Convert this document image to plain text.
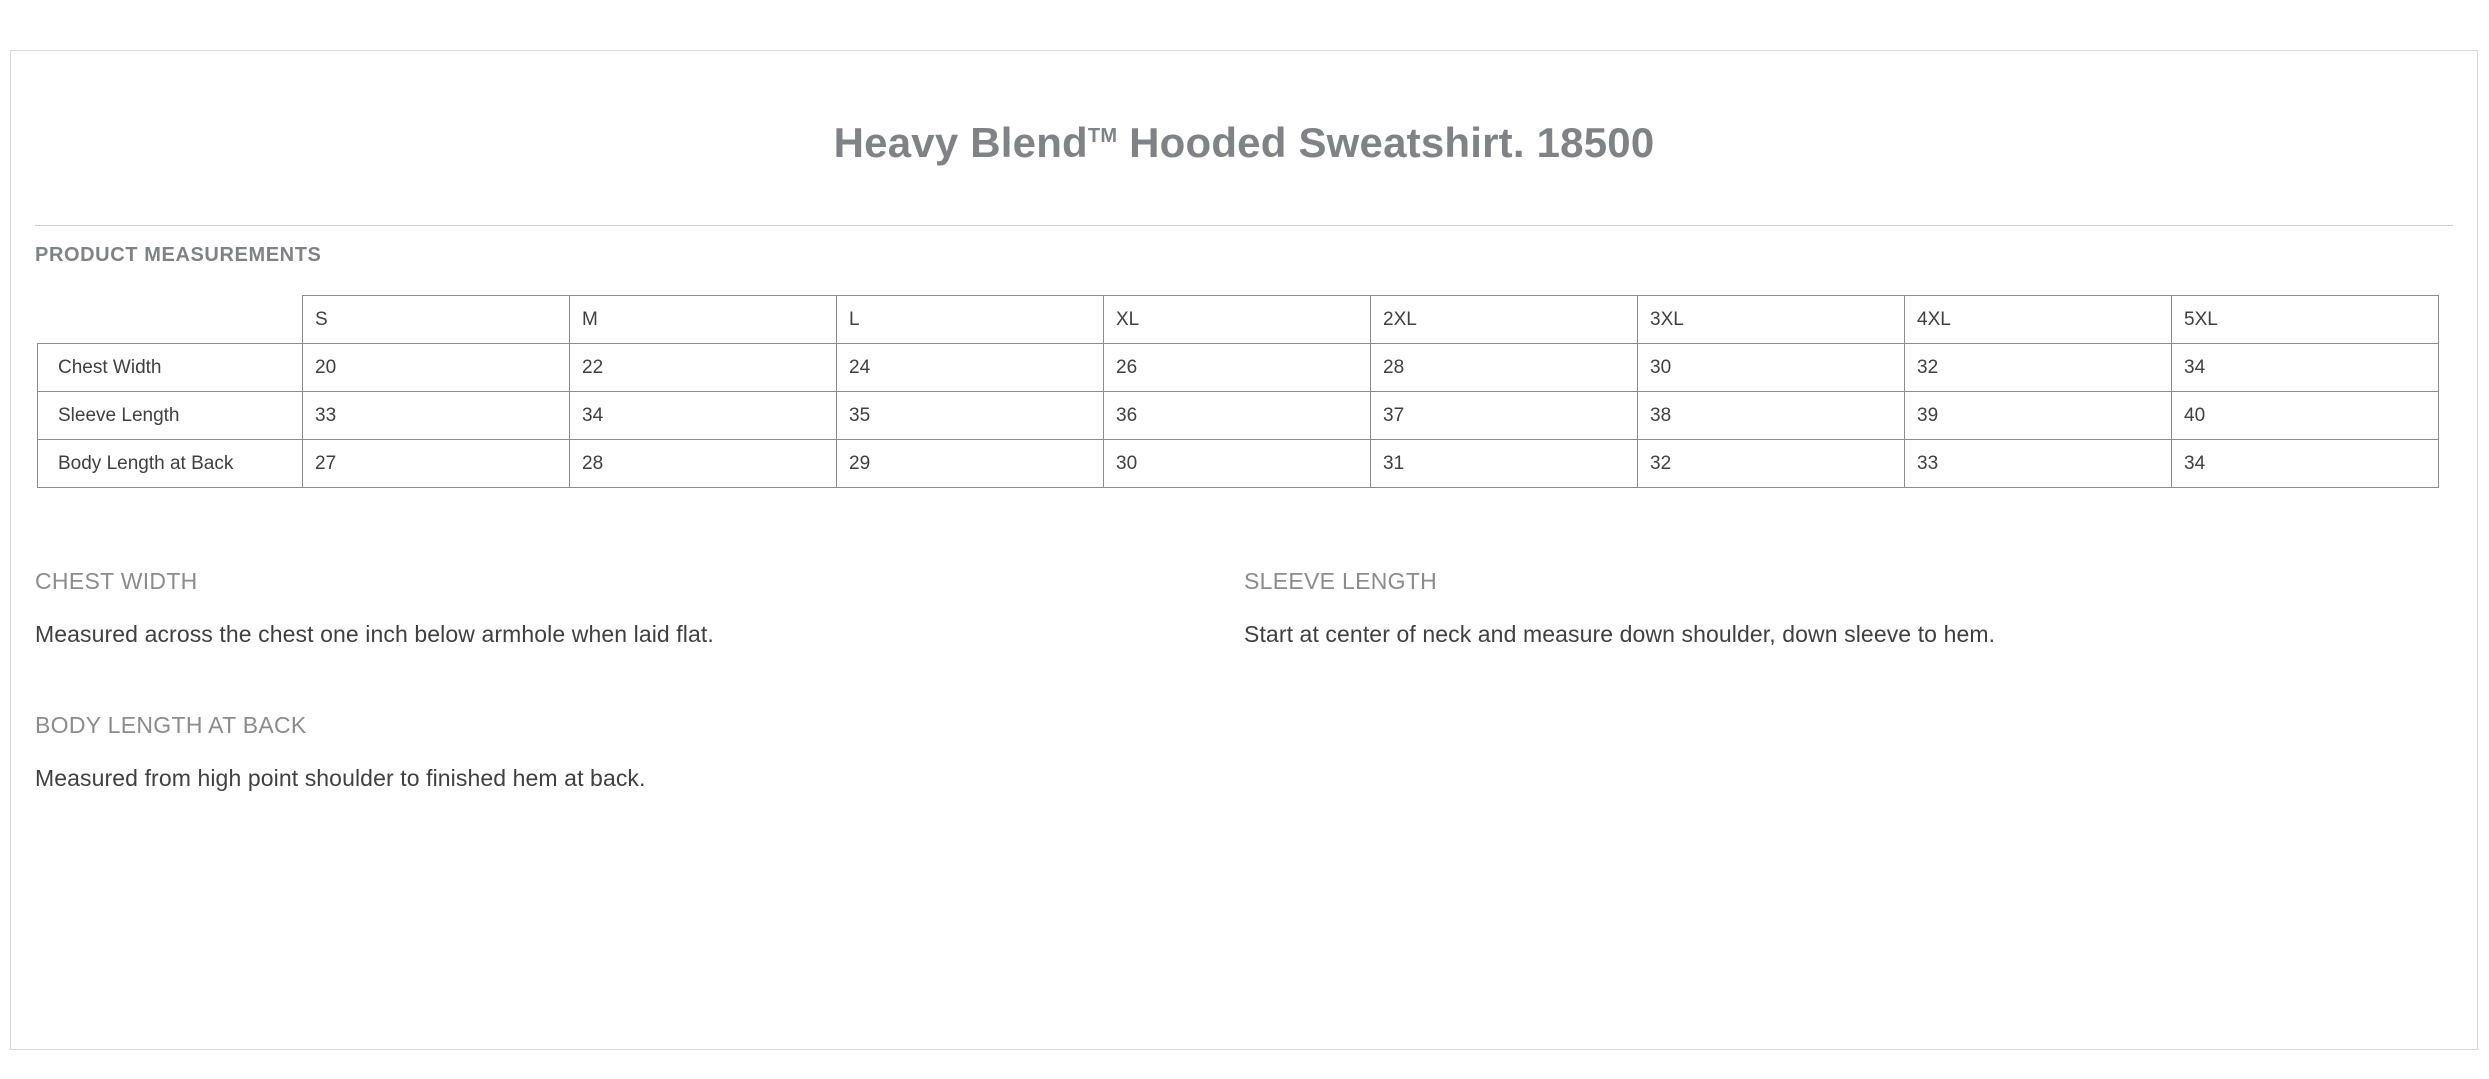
Heavy Blend™ Hooded Sweatshirt. 18500
PRODUCT MEASUREMENTS
	S	M	L	XL	2XL	3XL	4XL	5XL
Chest Width	20	22	24	26	28	30	32	34
Sleeve Length	33	34	35	36	37	38	39	40
Body Length at Back	27	28	29	30	31	32	33	34
CHEST WIDTH
Measured across the chest one inch below armhole when laid flat.
SLEEVE LENGTH
Start at center of neck and measure down shoulder, down sleeve to hem.
BODY LENGTH AT BACK
Measured from high point shoulder to finished hem at back.
